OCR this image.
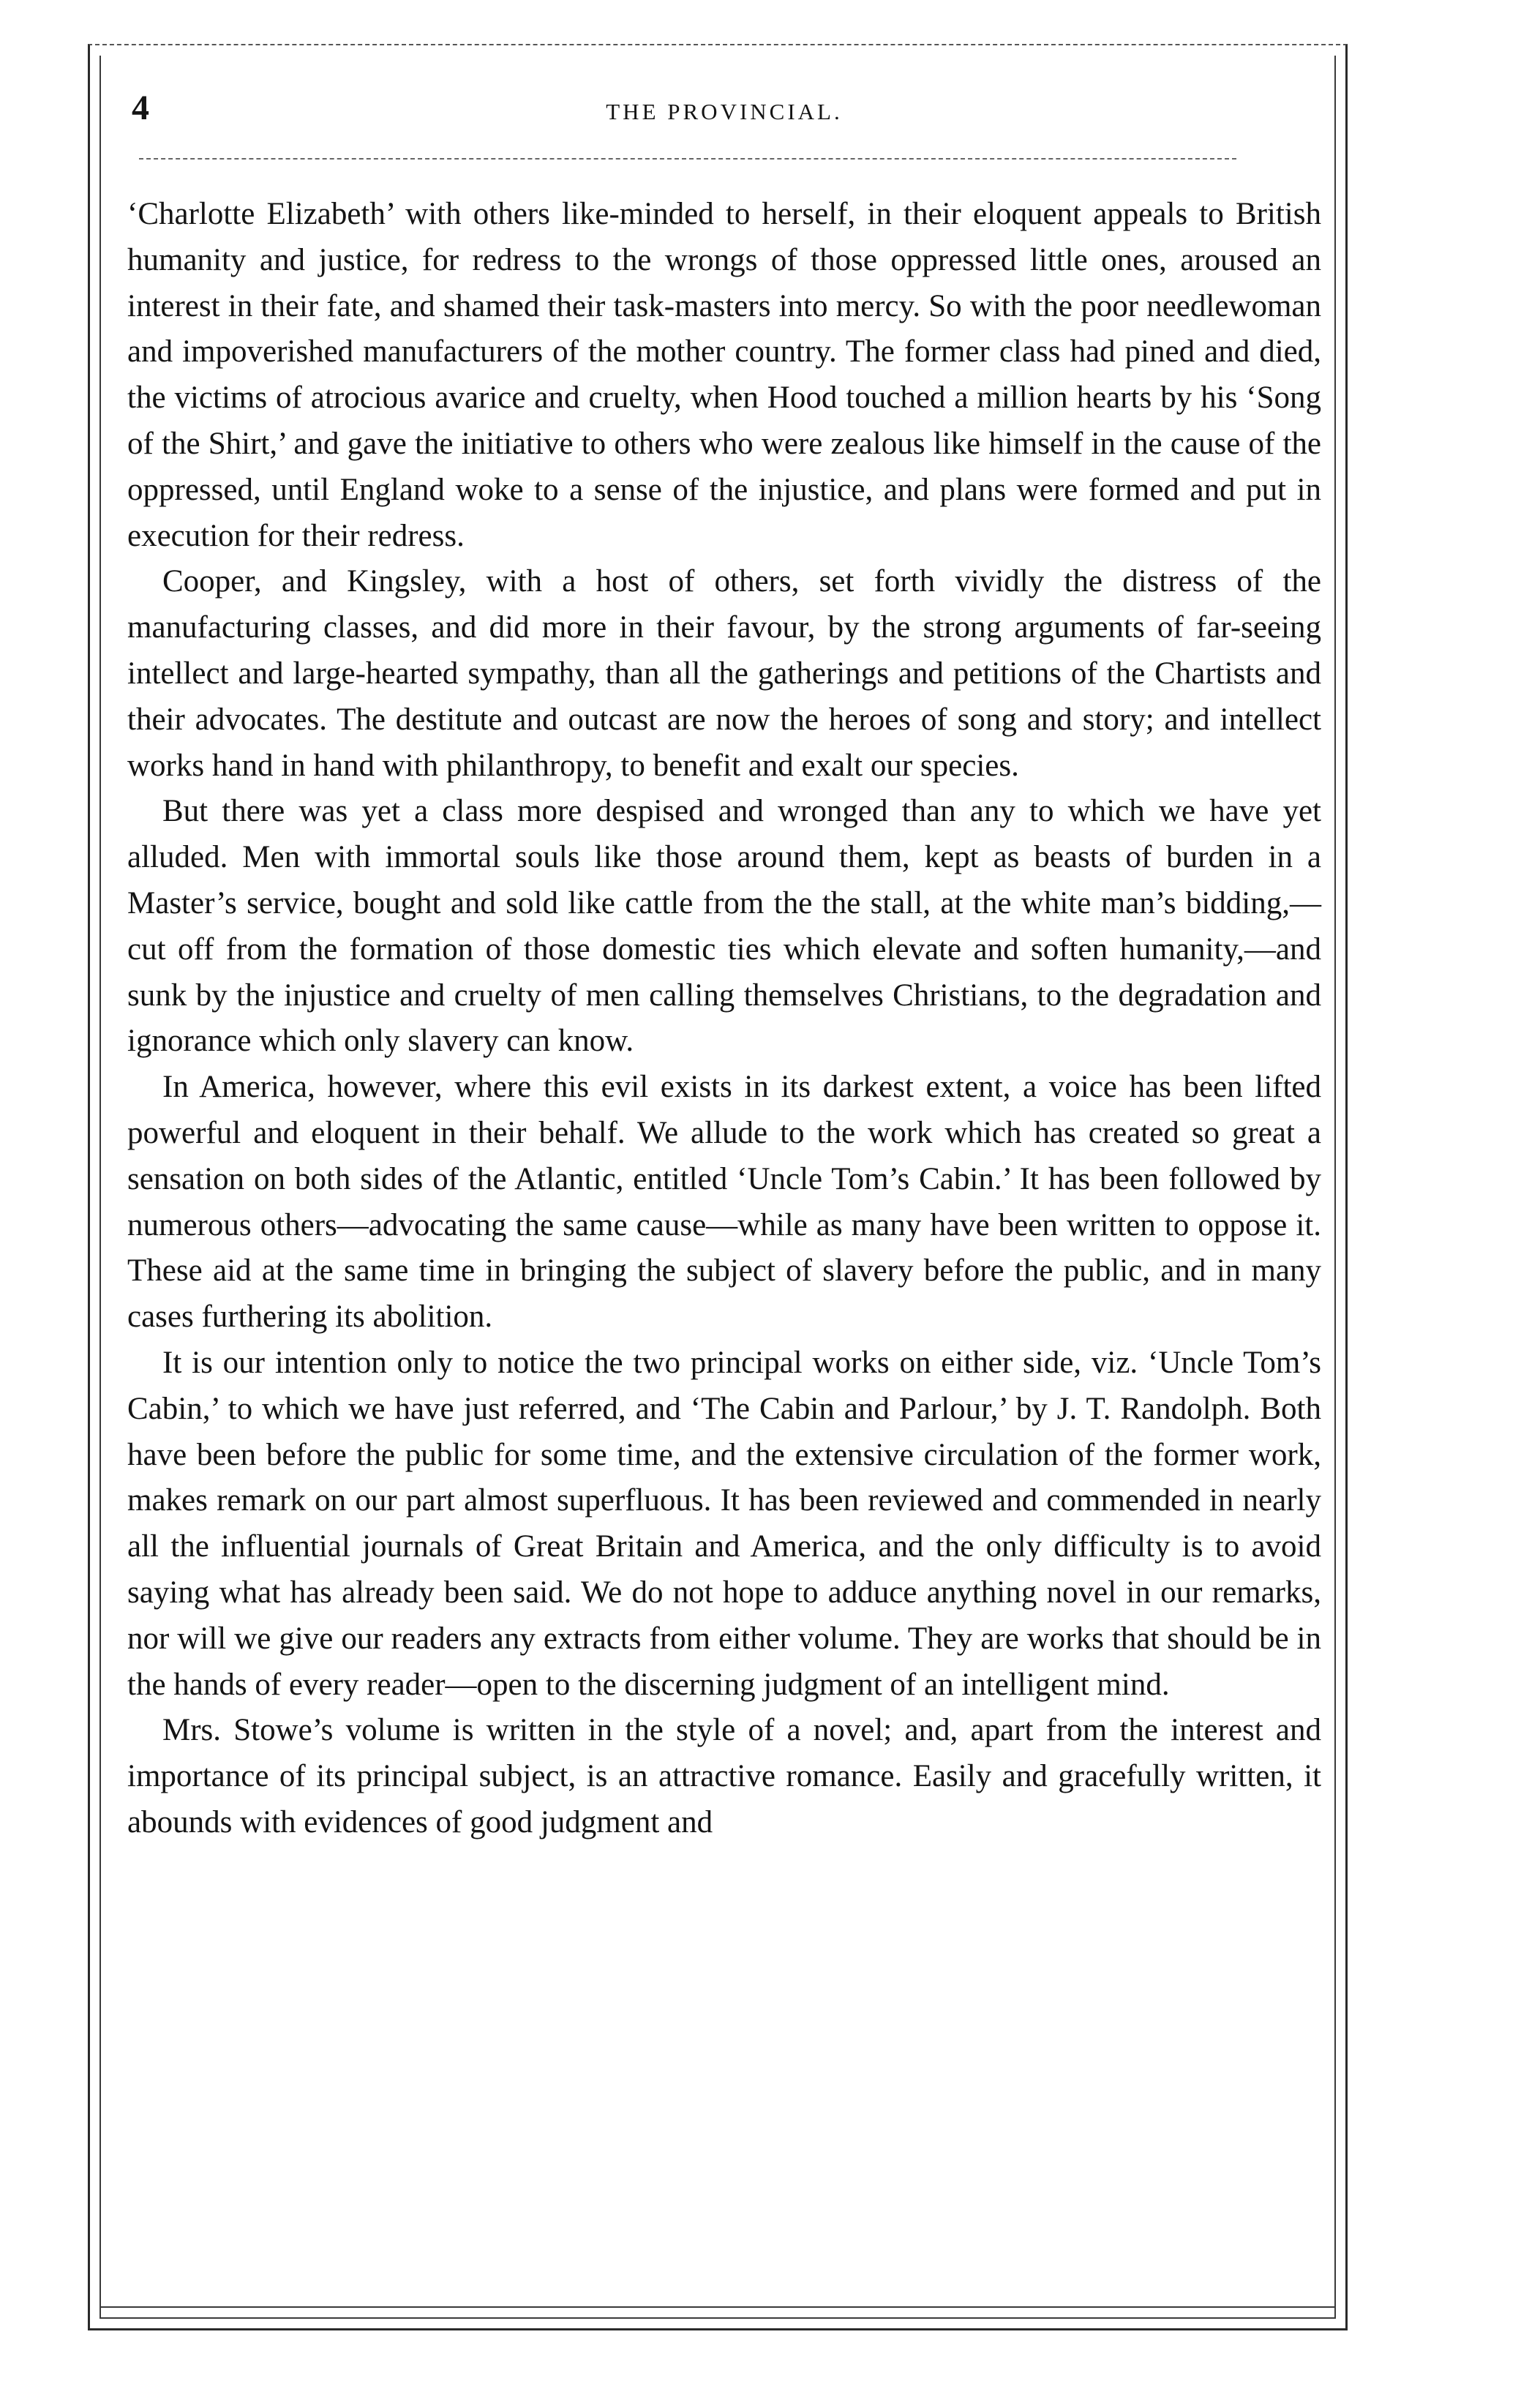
4	THE PROVINCIAL.

‘Charlotte Elizabeth’ with others like-minded to herself, in their eloquent appeals to British humanity and justice, for redress to the wrongs of those oppressed little ones, aroused an interest in their fate, and shamed their task-masters into mercy. So with the poor needlewoman and impoverished manufacturers of the mother country. The former class had pined and died, the victims of atrocious avarice and cruelty, when Hood touched a million hearts by his ‘Song of the Shirt,’ and gave the initiative to others who were zealous like himself in the cause of the oppressed, until England woke to a sense of the injustice, and plans were formed and put in execution for their redress.

Cooper, and Kingsley, with a host of others, set forth vividly the distress of the manufacturing classes, and did more in their favour, by the strong arguments of far-seeing intellect and large-hearted sympathy, than all the gatherings and petitions of the Chartists and their advocates. The destitute and outcast are now the heroes of song and story; and intellect works hand in hand with philanthropy, to benefit and exalt our species.

But there was yet a class more despised and wronged than any to which we have yet alluded. Men with immortal souls like those around them, kept as beasts of burden in a Master’s service, bought and sold like cattle from the the stall, at the white man’s bidding,—cut off from the formation of those domestic ties which elevate and soften humanity,—and sunk by the injustice and cruelty of men calling themselves Christians, to the degradation and ignorance which only slavery can know.

In America, however, where this evil exists in its darkest extent, a voice has been lifted powerful and eloquent in their behalf. We allude to the work which has created so great a sensation on both sides of the Atlantic, entitled ‘Uncle Tom’s Cabin.’ It has been followed by numerous others—advocating the same cause—while as many have been written to oppose it. These aid at the same time in bringing the subject of slavery before the public, and in many cases furthering its abolition.

It is our intention only to notice the two principal works on either side, viz. ‘Uncle Tom’s Cabin,’ to which we have just referred, and ‘The Cabin and Parlour,’ by J. T. Randolph. Both have been before the public for some time, and the extensive circulation of the former work, makes remark on our part almost superfluous. It has been reviewed and commended in nearly all the influential journals of Great Britain and America, and the only difficulty is to avoid saying what has already been said. We do not hope to adduce anything novel in our remarks, nor will we give our readers any extracts from either volume. They are works that should be in the hands of every reader—open to the discerning judgment of an intelligent mind.

Mrs. Stowe’s volume is written in the style of a novel; and, apart from the interest and importance of its principal subject, is an attractive romance. Easily and gracefully written, it abounds with evidences of good judgment and
